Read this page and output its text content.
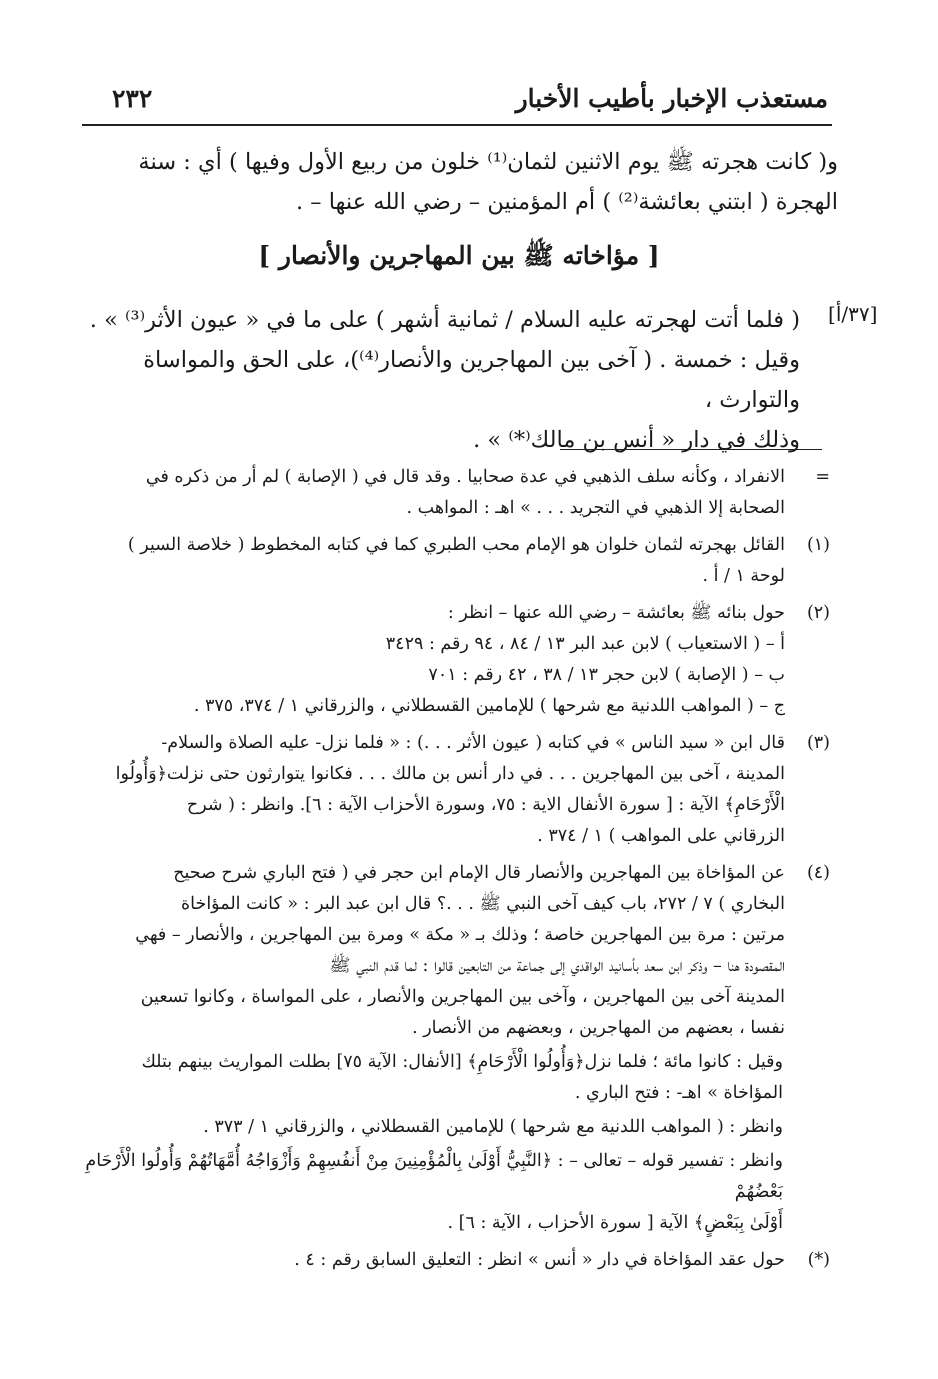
٢٣٢	مستعذب الإخبار بأطيب الأخبار
و( كانت هجرته ﷺ يوم الاثنين لثمان⁽¹⁾ خلون من ربيع الأول وفيها ) أي : سنة
الهجرة ( ابتني بعائشة⁽²⁾ ) أم المؤمنين – رضي الله عنها – .
[ مؤاخاته ﷺ بين المهاجرين والأنصار ]
[٣٧/أ]
( فلما أتت لهجرته عليه السلام / ثمانية أشهر ) على ما في « عيون الأثر⁽³⁾ » .
وقيل : خمسة . ( آخى بين المهاجرين والأنصار⁽⁴⁾)، على الحق والمواساة والتوارث ،
وذلك في دار « أنس بن مالك⁽*⁾ » .
=
الانفراد ، وكأنه سلف الذهبي في عدة صحابيا . وقد قال في ( الإصابة ) لم أر من ذكره في
الصحابة إلا الذهبي في التجريد . . . » اهـ : المواهب .
(١)
القائل بهجرته لثمان خلوان هو الإمام محب الطبري كما في كتابه المخطوط ( خلاصة السير )
لوحة ١ / أ .
(٢)
حول بنائه ﷺ بعائشة – رضي الله عنها – انظر :
أ – ( الاستعياب ) لابن عبد البر ١٣ / ٨٤ ، ٩٤ رقم : ٣٤٢٩
ب – ( الإصابة ) لابن حجر ١٣ / ٣٨ ، ٤٢ رقم : ٧٠١
ج – ( المواهب اللدنية مع شرحها ) للإمامين القسطلاني ، والزرقاني ١ / ٣٧٤، ٣٧٥ .
(٣)
قال ابن « سيد الناس » في كتابه ( عيون الأثر . . .) : « فلما نزل- عليه الصلاة والسلام-
المدينة ، آخى بين المهاجرين . . . في دار أنس بن مالك . . . فكانوا يتوارثون حتى نزلت﴿وَأُولُوا
الْأَرْحَامِ﴾ الآية : [ سورة الأنفال الاية : ٧٥، وسورة الأحزاب الآية : ٦]. وانظر : ( شرح
الزرقاني على المواهب ) ١ / ٣٧٤ .
(٤)
عن المؤاخاة بين المهاجرين والأنصار قال الإمام ابن حجر في ( فتح الباري شرح صحيح
البخاري ) ٧ / ٢٧٢، باب كيف آخى النبي ﷺ . . .؟ قال ابن عبد البر : « كانت المؤاخاة
مرتين : مرة بين المهاجرين خاصة ؛ وذلك بـ « مكة » ومرة بين المهاجرين ، والأنصار – فهي
المقصودة هنا – وذكر ابن سعد بأسانيد الواقدي إلى جماعة من التابعين قالوا : لما قدم النبي ﷺ
المدينة آخى بين المهاجرين ، وآخى بين المهاجرين والأنصار ، على المواساة ، وكانوا تسعين
نفسا ، بعضهم من المهاجرين ، وبعضهم من الأنصار .
وقيل : كانوا مائة ؛ فلما نزل﴿وَأُولُوا الْأَرْحَامِ﴾ [الأنفال: الآية ٧٥] بطلت المواريث بينهم بتلك
المؤاخاة » اهـ- : فتح الباري .
وانظر : ( المواهب اللدنية مع شرحها ) للإمامين القسطلاني ، والزرقاني ١ / ٣٧٣ .
وانظر : تفسير قوله – تعالى – : ﴿النَّبِيُّ أَوْلَىٰ بِالْمُؤْمِنِينَ مِنْ أَنفُسِهِمْ وَأَزْوَاجُهُ أُمَّهَاتُهُمْ وَأُولُوا الْأَرْحَامِ بَعْضُهُمْ
أَوْلَىٰ بِبَعْضٍ﴾ الآية [ سورة الأحزاب ، الآية : ٦] .
(*)
حول عقد المؤاخاة في دار « أنس » انظر : التعليق السابق رقم : ٤ .
